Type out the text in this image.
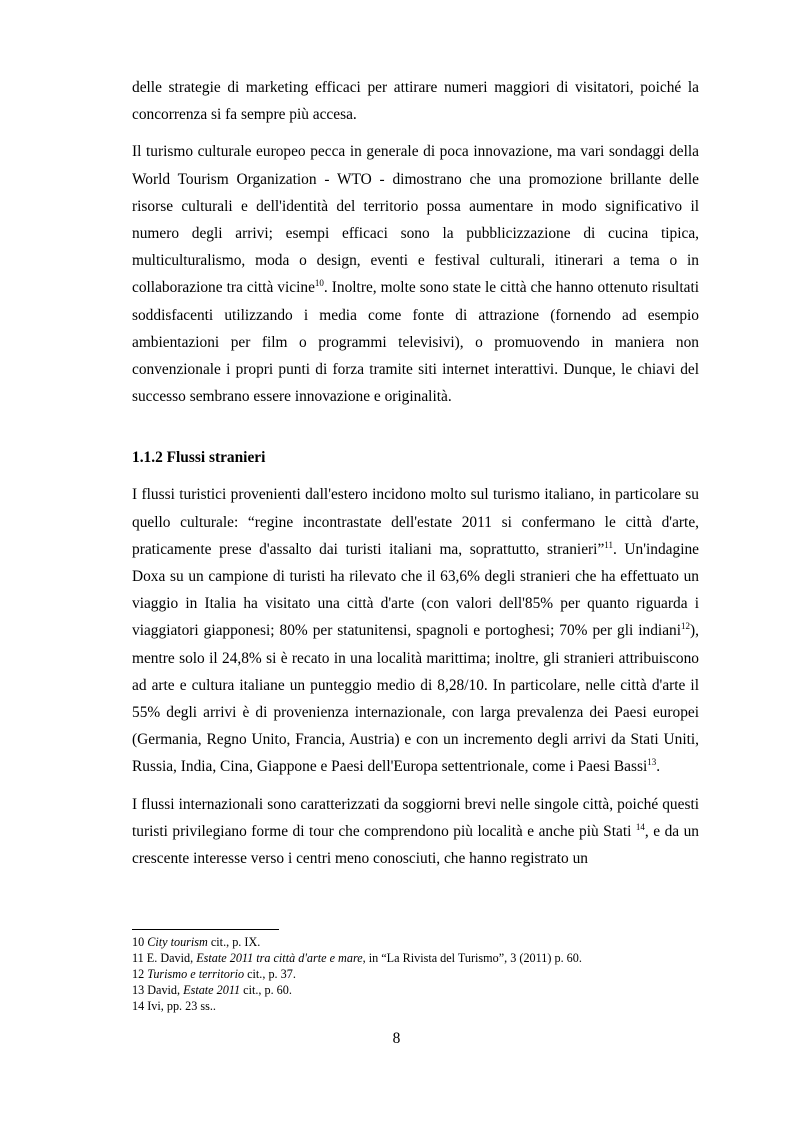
delle strategie di marketing efficaci per attirare numeri maggiori di visitatori, poiché la concorrenza si fa sempre più accesa.

Il turismo culturale europeo pecca in generale di poca innovazione, ma vari sondaggi della World Tourism Organization - WTO - dimostrano che una promozione brillante delle risorse culturali e dell'identità del territorio possa aumentare in modo significativo il numero degli arrivi; esempi efficaci sono la pubblicizzazione di cucina tipica, multiculturalismo, moda o design, eventi e festival culturali, itinerari a tema o in collaborazione tra città vicine$^{10}$. Inoltre, molte sono state le città che hanno ottenuto risultati soddisfacenti utilizzando i media come fonte di attrazione (fornendo ad esempio ambientazioni per film o programmi televisivi), o promuovendo in maniera non convenzionale i propri punti di forza tramite siti internet interattivi. Dunque, le chiavi del successo sembrano essere innovazione e originalità.

1.1.2 Flussi stranieri

I flussi turistici provenienti dall'estero incidono molto sul turismo italiano, in particolare su quello culturale: “regine incontrastate dell'estate 2011 si confermano le città d'arte, praticamente prese d'assalto dai turisti italiani ma, soprattutto, stranieri”$^{11}$. Un'indagine Doxa su un campione di turisti ha rilevato che il 63,6% degli stranieri che ha effettuato un viaggio in Italia ha visitato una città d'arte (con valori dell'85% per quanto riguarda i viaggiatori giapponesi; 80% per statunitensi, spagnoli e portoghesi; 70% per gli indiani$^{12}$), mentre solo il 24,8% si è recato in una località marittima; inoltre, gli stranieri attribuiscono ad arte e cultura italiane un punteggio medio di 8,28/10. In particolare, nelle città d'arte il 55% degli arrivi è di provenienza internazionale, con larga prevalenza dei Paesi europei (Germania, Regno Unito, Francia, Austria) e con un incremento degli arrivi da Stati Uniti, Russia, India, Cina, Giappone e Paesi dell'Europa settentrionale, come i Paesi Bassi$^{13}$.

I flussi internazionali sono caratterizzati da soggiorni brevi nelle singole città, poiché questi turisti privilegiano forme di tour che comprendono più località e anche più Stati $^{14}$, e da un crescente interesse verso i centri meno conosciuti, che hanno registrato un

10 City tourism cit., p. IX.

11 E. David, Estate 2011 tra città d'arte e mare, in “La Rivista del Turismo”, 3 (2011) p. 60.

12 Turismo e territorio cit., p. 37.

13 David, Estate 2011 cit., p. 60.

14 Ivi, pp. 23 ss..

8
